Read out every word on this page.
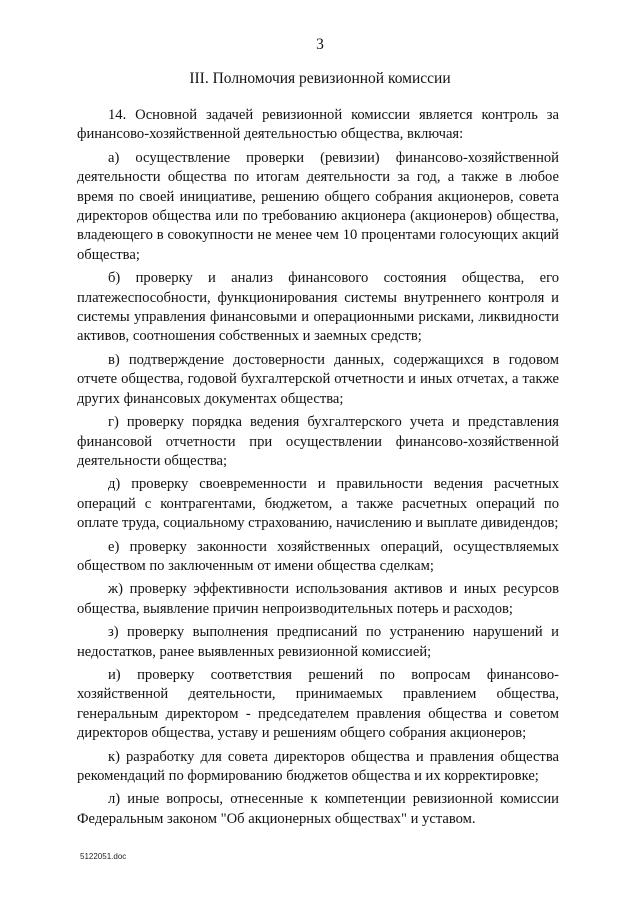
3
III. Полномочия ревизионной комиссии

14. Основной задачей ревизионной комиссии является контроль за финансово-хозяйственной деятельностью общества, включая:

а) осуществление проверки (ревизии) финансово-хозяйственной деятельности общества по итогам деятельности за год, а также в любое время по своей инициативе, решению общего собрания акционеров, совета директоров общества или по требованию акционера (акционеров) общества, владеющего в совокупности не менее чем 10 процентами голосующих акций общества;

б) проверку и анализ финансового состояния общества, его платежеспособности, функционирования системы внутреннего контроля и системы управления финансовыми и операционными рисками, ликвидности активов, соотношения собственных и заемных средств;

в) подтверждение достоверности данных, содержащихся в годовом отчете общества, годовой бухгалтерской отчетности и иных отчетах, а также других финансовых документах общества;

г) проверку порядка ведения бухгалтерского учета и представления финансовой отчетности при осуществлении финансово-хозяйственной деятельности общества;

д) проверку своевременности и правильности ведения расчетных операций с контрагентами, бюджетом, а также расчетных операций по оплате труда, социальному страхованию, начислению и выплате дивидендов;

е) проверку законности хозяйственных операций, осуществляемых обществом по заключенным от имени общества сделкам;

ж) проверку эффективности использования активов и иных ресурсов общества, выявление причин непроизводительных потерь и расходов;

з) проверку выполнения предписаний по устранению нарушений и недостатков, ранее выявленных ревизионной комиссией;

и) проверку соответствия решений по вопросам финансово-хозяйственной деятельности, принимаемых правлением общества, генеральным директором - председателем правления общества и советом директоров общества, уставу и решениям общего собрания акционеров;

к) разработку для совета директоров общества и правления общества рекомендаций по формированию бюджетов общества и их корректировке;

л) иные вопросы, отнесенные к компетенции ревизионной комиссии Федеральным законом "Об акционерных обществах" и уставом.

5122051.doc
